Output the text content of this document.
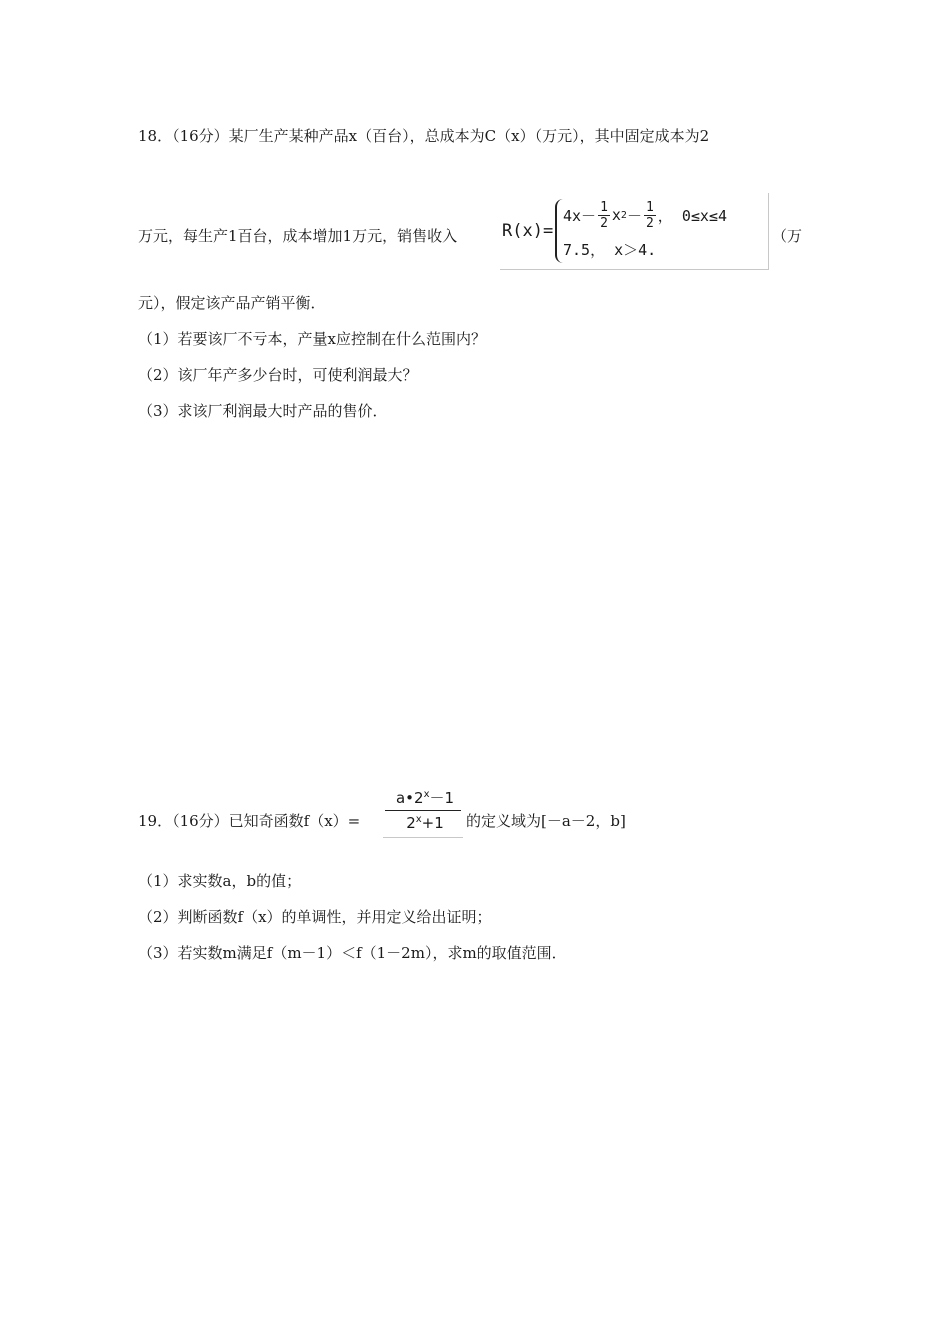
18．（16分）某厂生产某种产品x（百台），总成本为C（x）（万元），其中固定成本为2
万元，每生产1百台，成本增加1万元，销售收入	R(x)=
$4x- \frac{1}{2}$ x $2 - \frac{1}{2}$ ， 0≤x≤4
7.5， x＞4.
（万
元），假定该产品产销平衡．
（1）若要该厂不亏本，产量x应控制在什么范围内？
（2）该厂年产多少台时，可使利润最大？
（3）求该厂利润最大时产品的售价．
19．（16分）已知奇函数f（x）=
$a•2^x-1$
$2^x+1$	的定义域为[－a－2，b]
（1）求实数a，b的值；
（2）判断函数f（x）的单调性，并用定义给出证明；
（3）若实数m满足f（m－1）＜f（1－2m），求m的取值范围．
